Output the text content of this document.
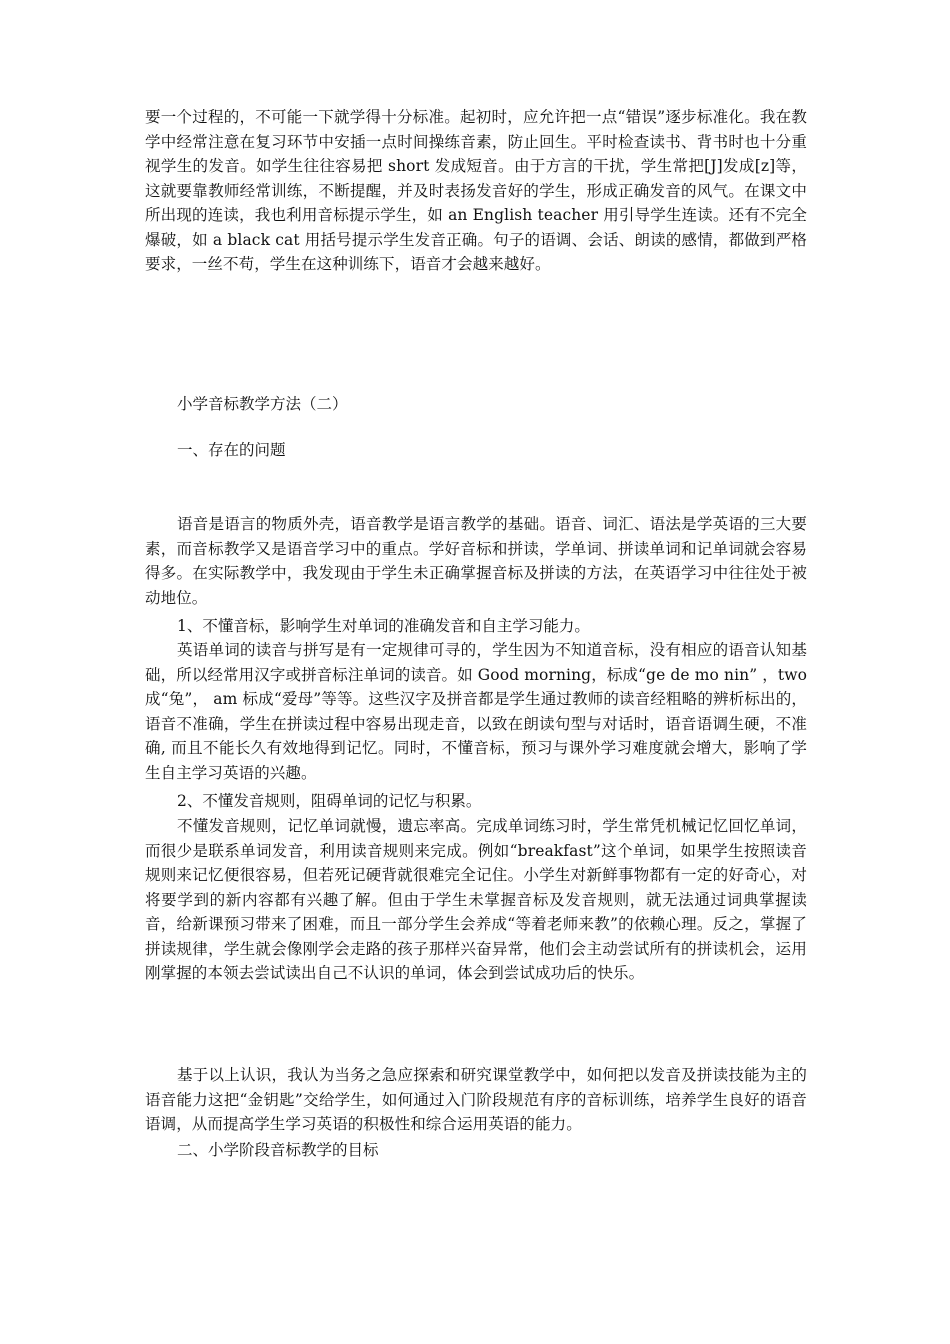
要一个过程的，不可能一下就学得十分标准。起初时，应允许把一点“错误”逐步标准化。我在教学中经常注意在复习环节中安插一点时间操练音素，防止回生。平时检查读书、背书时也十分重视学生的发音。如学生往往容易把 short 发成短音。由于方言的干扰，学生常把[J]发成[z]等，这就要靠教师经常训练，不断提醒，并及时表扬发音好的学生，形成正确发音的风气。在课文中所出现的连读，我也利用音标提示学生，如 an English teacher 用引导学生连读。还有不完全爆破，如 a black cat 用括号提示学生发音正确。句子的语调、会话、朗读的感情，都做到严格要求，一丝不苟，学生在这种训练下，语音才会越来越好。

小学音标教学方法（二）
一、存在的问题

语音是语言的物质外壳，语音教学是语言教学的基础。语音、词汇、语法是学英语的三大要素，而音标教学又是语音学习中的重点。学好音标和拼读，学单词、拼读单词和记单词就会容易得多。在实际教学中，我发现由于学生未正确掌握音标及拼读的方法，在英语学习中往往处于被动地位。

1、不懂音标，影响学生对单词的准确发音和自主学习能力。

英语单词的读音与拼写是有一定规律可寻的，学生因为不知道音标，没有相应的语音认知基础，所以经常用汉字或拼音标注单词的读音。如 Good morning，标成“ge de mo nin” ，two 成“兔”， am 标成“爱母”等等。这些汉字及拼音都是学生通过教师的读音经粗略的辨析标出的，语音不准确，学生在拼读过程中容易出现走音，以致在朗读句型与对话时，语音语调生硬，不准确, 而且不能长久有效地得到记忆。同时，不懂音标，预习与课外学习难度就会增大，影响了学生自主学习英语的兴趣。

2、不懂发音规则，阻碍单词的记忆与积累。

不懂发音规则，记忆单词就慢，遗忘率高。完成单词练习时，学生常凭机械记忆回忆单词，而很少是联系单词发音，利用读音规则来完成。例如“breakfast”这个单词，如果学生按照读音规则来记忆便很容易，但若死记硬背就很难完全记住。小学生对新鲜事物都有一定的好奇心，对将要学到的新内容都有兴趣了解。但由于学生未掌握音标及发音规则，就无法通过词典掌握读音，给新课预习带来了困难，而且一部分学生会养成“等着老师来教”的依赖心理。反之，掌握了拼读规律，学生就会像刚学会走路的孩子那样兴奋异常，他们会主动尝试所有的拼读机会，运用刚掌握的本领去尝试读出自己不认识的单词，体会到尝试成功后的快乐。

基于以上认识，我认为当务之急应探索和研究课堂教学中，如何把以发音及拼读技能为主的语音能力这把“金钥匙”交给学生，如何通过入门阶段规范有序的音标训练，培养学生良好的语音语调，从而提高学生学习英语的积极性和综合运用英语的能力。

二、小学阶段音标教学的目标
